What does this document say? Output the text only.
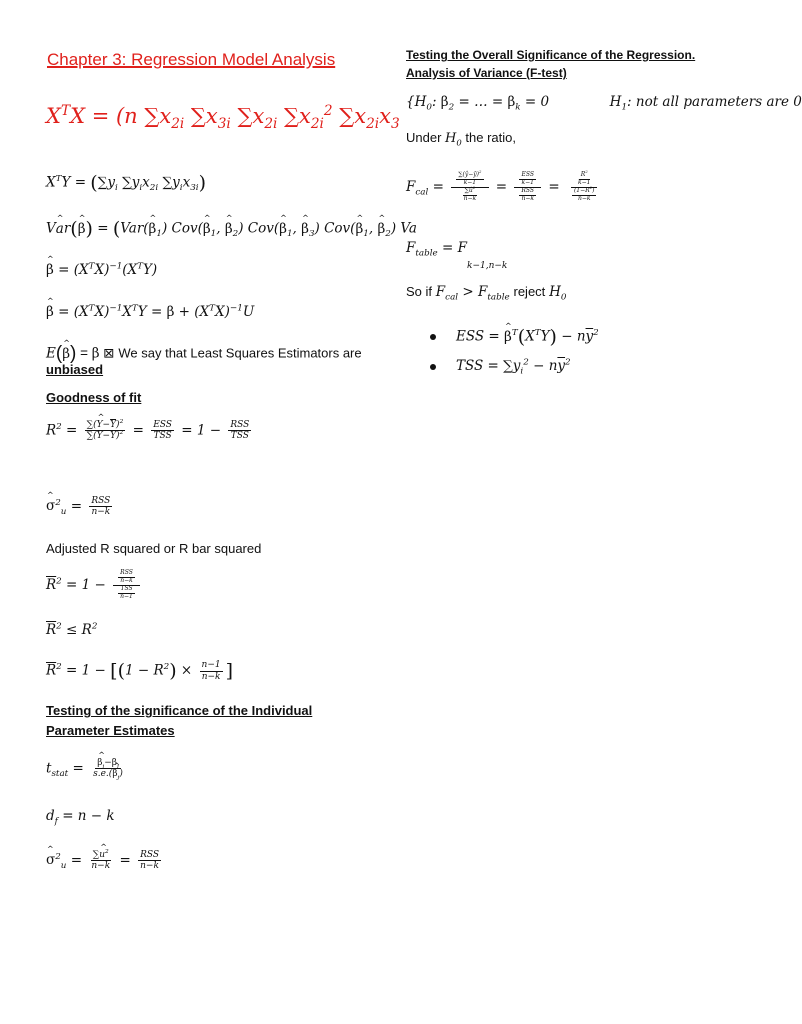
Chapter 3: Regression Model Analysis
$X^TX = (n$ $\sum x_{2i}$ $\sum x_{3i}$ $\sum x_{2i}$ $\sum x_{2i}^2$ $\sum x_{2i}x_3$
$X^TY = (\sum y_i$ $\sum y_ix_{2i}$ $\sum y_ix_{3i}$)
V^ ar(^ β) = (Var(^ $\beta_1$) Cov(^ $\beta_1$, ^ $\beta_2$) Cov(^ $\beta_1$, ^ $\beta_3$) Cov(^ $\beta_1$, ^ $\beta_2$) Va
^ $\beta = (X^TX)^{-1}(X^TY)$
^ $\beta = (X^TX)^{-1}X^TY = \beta + (X^TX)^{-1}U$
E(^ β) = β ⊠ We say that Least Squares Estimators are
unbiased
Goodness of fit
$R^2 = \frac{\sum(\^{} Y-\overline{Y})^2}{\sum(Y-\overline{Y})^2} = \frac{\text{ESS}}{\text{TSS}} = 1 - \frac{\text{RSS}}{\text{TSS}}$
^ $\sigma^2_u = \frac{\text{RSS}}{n-k}$
Adjusted R squared or R bar squared
$\overline{R}^2 = 1 - \frac{\frac{\text{RSS}}{n-k}}{\frac{\text{TSS}}{n-1}}$
$\overline{R}^2 \le R^2$
$\overline{R}^2 = 1 - [(1 - R^2) \times \frac{n-1}{n-k}$ ]
Testing of the significance of the Individual
Parameter Estimates
$t_{stat}$ = ^ $\frac{\beta_j-\beta_j}{s.e.(\^{} \beta_j)}$
$d_f = n - k$
^ $\sigma^2_u = \frac{\sum\^{} u^2}{n-k} = \frac{\text{RSS}}{n-k}$
Testing the Overall Significance of the Regression.
Analysis of Variance (F-test)
{$H_0$: $\beta_2$ = … = $\beta_k = 0$	$H_1$: not all parameters are 0
Under $H_0$ the ratio,
$F_{cal} = \frac{\frac{\sum(ŷ-ȳ)^2}{k-1}}{\frac{\sum û^2}{n-k}} = \frac{\frac{\text{ESS}}{k-1}}{\frac{\text{RSS}}{n-k}} = \frac{\frac{R^2}{k-1}}{\frac{(1-R^2)}{n-k}}$
$F_{table} = F_{k-1,n-k}$
So if $F_{cal} > F_{table}$ reject $H_0$
ESS = ^ $\beta^T(X^TY) - n\overline{y}^2$
TSS = $\sum y_i^2 - n\overline{y}^2$
